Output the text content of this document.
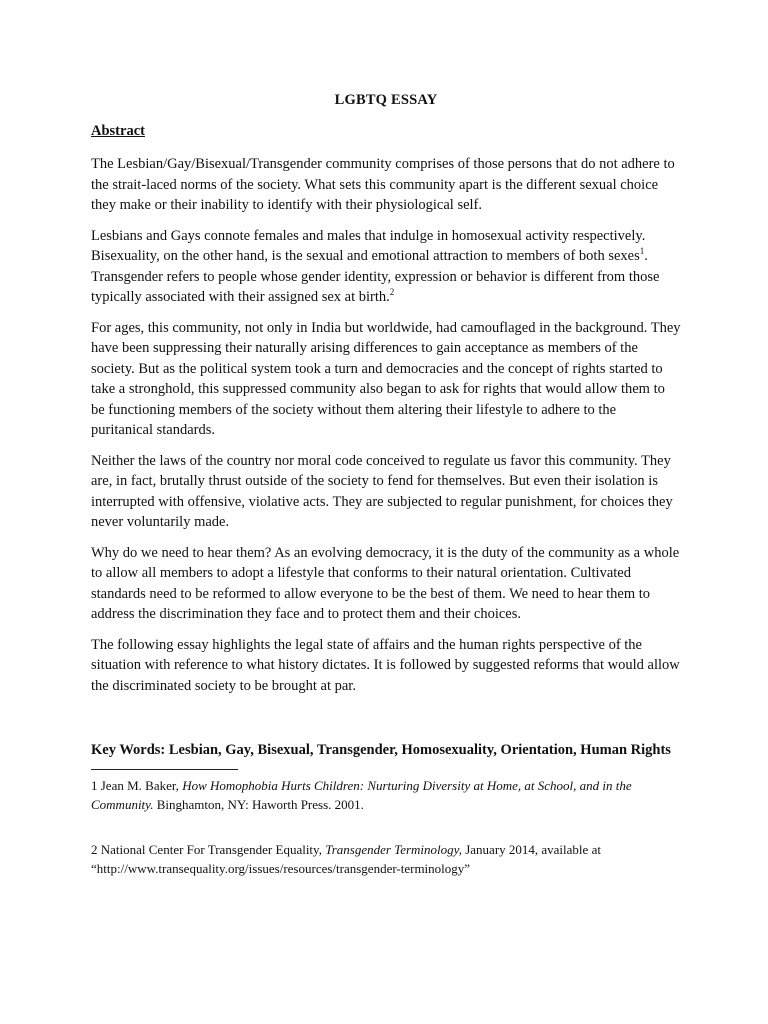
LGBTQ ESSAY
Abstract

The Lesbian/Gay/Bisexual/Transgender community comprises of those persons that do not adhere to the strait-laced norms of the society. What sets this community apart is the different sexual choice they make or their inability to identify with their physiological self.

Lesbians and Gays connote females and males that indulge in homosexual activity respectively. Bisexuality, on the other hand, is the sexual and emotional attraction to members of both sexes$^1$. Transgender refers to people whose gender identity, expression or behavior is different from those typically associated with their assigned sex at birth.$^2$

For ages, this community, not only in India but worldwide, had camouflaged in the background. They have been suppressing their naturally arising differences to gain acceptance as members of the society. But as the political system took a turn and democracies and the concept of rights started to take a stronghold, this suppressed community also began to ask for rights that would allow them to be functioning members of the society without them altering their lifestyle to adhere to the puritanical standards.

Neither the laws of the country nor moral code conceived to regulate us favor this community. They are, in fact, brutally thrust outside of the society to fend for themselves. But even their isolation is interrupted with offensive, violative acts. They are subjected to regular punishment, for choices they never voluntarily made.

Why do we need to hear them? As an evolving democracy, it is the duty of the community as a whole to allow all members to adopt a lifestyle that conforms to their natural orientation. Cultivated standards need to be reformed to allow everyone to be the best of them. We need to hear them to address the discrimination they face and to protect them and their choices.

The following essay highlights the legal state of affairs and the human rights perspective of the situation with reference to what history dictates. It is followed by suggested reforms that would allow the discriminated society to be brought at par.

Key Words: Lesbian, Gay, Bisexual, Transgender, Homosexuality, Orientation, Human Rights
1 Jean M. Baker, How Homophobia Hurts Children: Nurturing Diversity at Home, at School, and in the Community. Binghamton, NY: Haworth Press. 2001.
2 National Center For Transgender Equality, Transgender Terminology, January 2014, available at “http://www.transequality.org/issues/resources/transgender-terminology”
